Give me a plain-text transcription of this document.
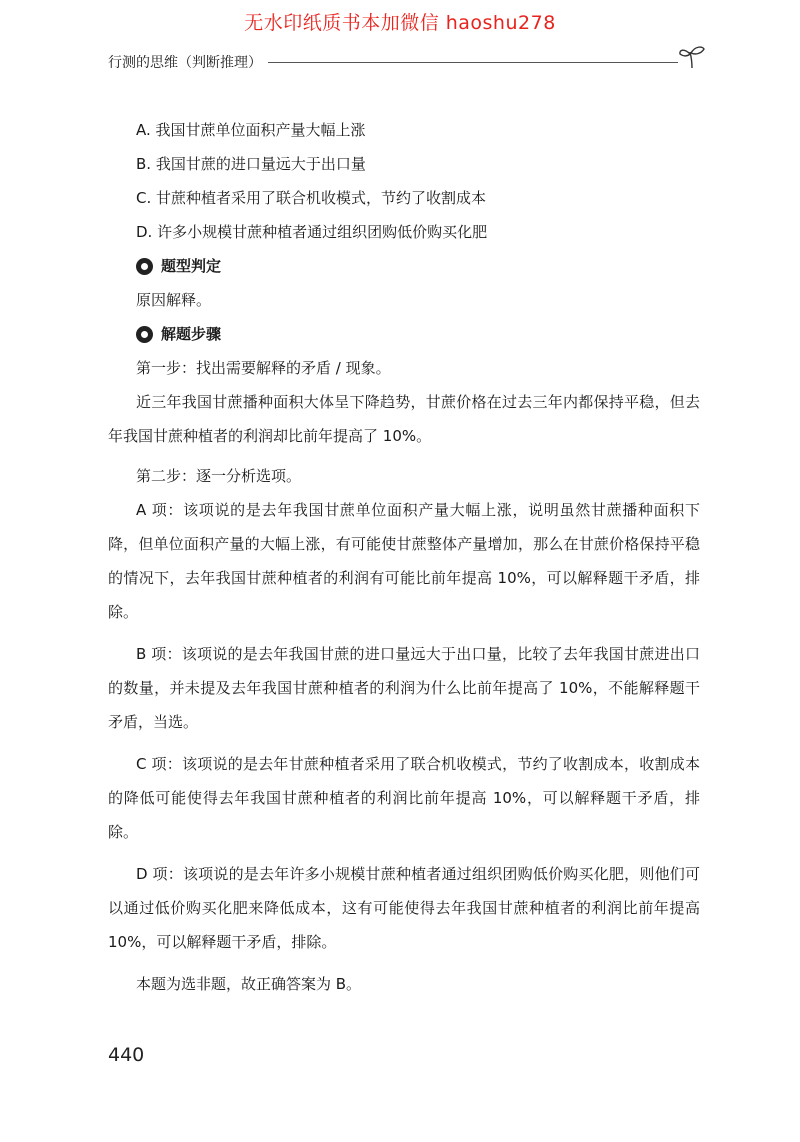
无水印纸质书本加微信 haoshu278
行测的思维（判断推理）
A. 我国甘蔗单位面积产量大幅上涨
B. 我国甘蔗的进口量远大于出口量
C. 甘蔗种植者采用了联合机收模式，节约了收割成本
D. 许多小规模甘蔗种植者通过组织团购低价购买化肥
题型判定
原因解释。
解题步骤
第一步：找出需要解释的矛盾 / 现象。

近三年我国甘蔗播种面积大体呈下降趋势，甘蔗价格在过去三年内都保持平稳，但去年我国甘蔗种植者的利润却比前年提高了 10%。

第二步：逐一分析选项。

A 项：该项说的是去年我国甘蔗单位面积产量大幅上涨，说明虽然甘蔗播种面积下降，但单位面积产量的大幅上涨，有可能使甘蔗整体产量增加，那么在甘蔗价格保持平稳的情况下，去年我国甘蔗种植者的利润有可能比前年提高 10%，可以解释题干矛盾，排除。

B 项：该项说的是去年我国甘蔗的进口量远大于出口量，比较了去年我国甘蔗进出口的数量，并未提及去年我国甘蔗种植者的利润为什么比前年提高了 10%，不能解释题干矛盾，当选。

C 项：该项说的是去年甘蔗种植者采用了联合机收模式，节约了收割成本，收割成本的降低可能使得去年我国甘蔗种植者的利润比前年提高 10%，可以解释题干矛盾，排除。

D 项：该项说的是去年许多小规模甘蔗种植者通过组织团购低价购买化肥，则他们可以通过低价购买化肥来降低成本，这有可能使得去年我国甘蔗种植者的利润比前年提高 10%，可以解释题干矛盾，排除。

本题为选非题，故正确答案为 B。
440
